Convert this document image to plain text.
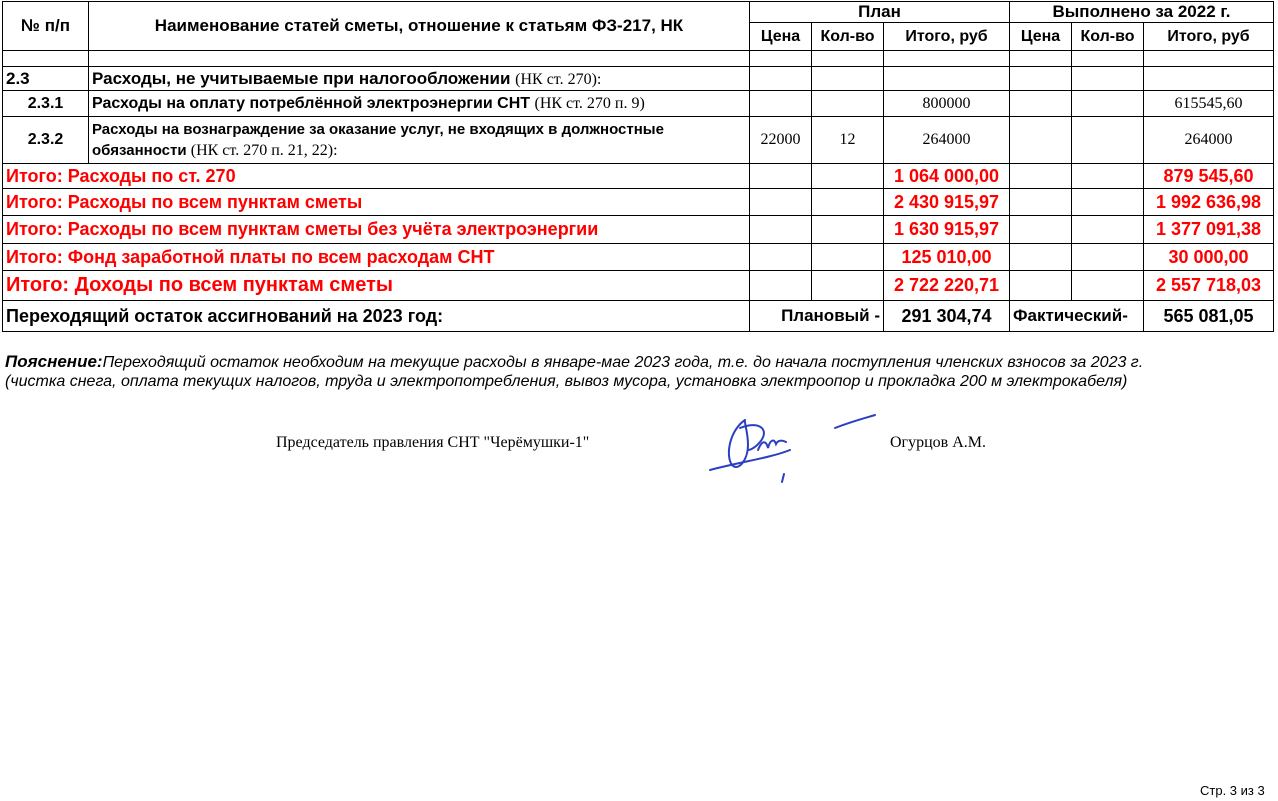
№ п/п	Наименование статей сметы, отношение к статьям ФЗ-217, НК	План			Выполнено за 2022 г.		
		Цена	Кол-во	Итого, руб	Цена	Кол-во	Итого, руб

2.3	Расходы, не учитываемые при налогообложении (НК ст. 270):						
2.3.1	Расходы на оплату потреблённой электроэнергии СНТ (НК ст. 270 п. 9)			800000			615545,60
2.3.2	Расходы на вознаграждение за оказание услуг, не входящих в должностные обязанности (НК ст. 270 п. 21, 22):	22000	12	264000			264000
Итого: Расходы по ст. 270				1 064 000,00			879 545,60
Итого: Расходы по всем пунктам сметы				2 430 915,97			1 992 636,98
Итого: Расходы по всем пунктам сметы без учёта электроэнергии				1 630 915,97			1 377 091,38
Итого: Фонд заработной платы по всем расходам СНТ				125 010,00			30 000,00
Итого: Доходы по всем пунктам сметы				2 722 220,71			2 557 718,03
Переходящий остаток ассигнований на 2023 год:		Плановый -		291 304,74	Фактический-		565 081,05
Пояснение:Переходящий остаток необходим на текущие расходы в январе-мае 2023 года, т.е. до начала поступления членских взносов за 2023 г.
(чистка снега, оплата текущих налогов, труда и электропотребления, вывоз мусора, установка электроопор и прокладка 200 м электрокабеля)
Председатель правления СНТ "Черёмушки-1"	Огурцов А.М.
Стр. 3 из 3
